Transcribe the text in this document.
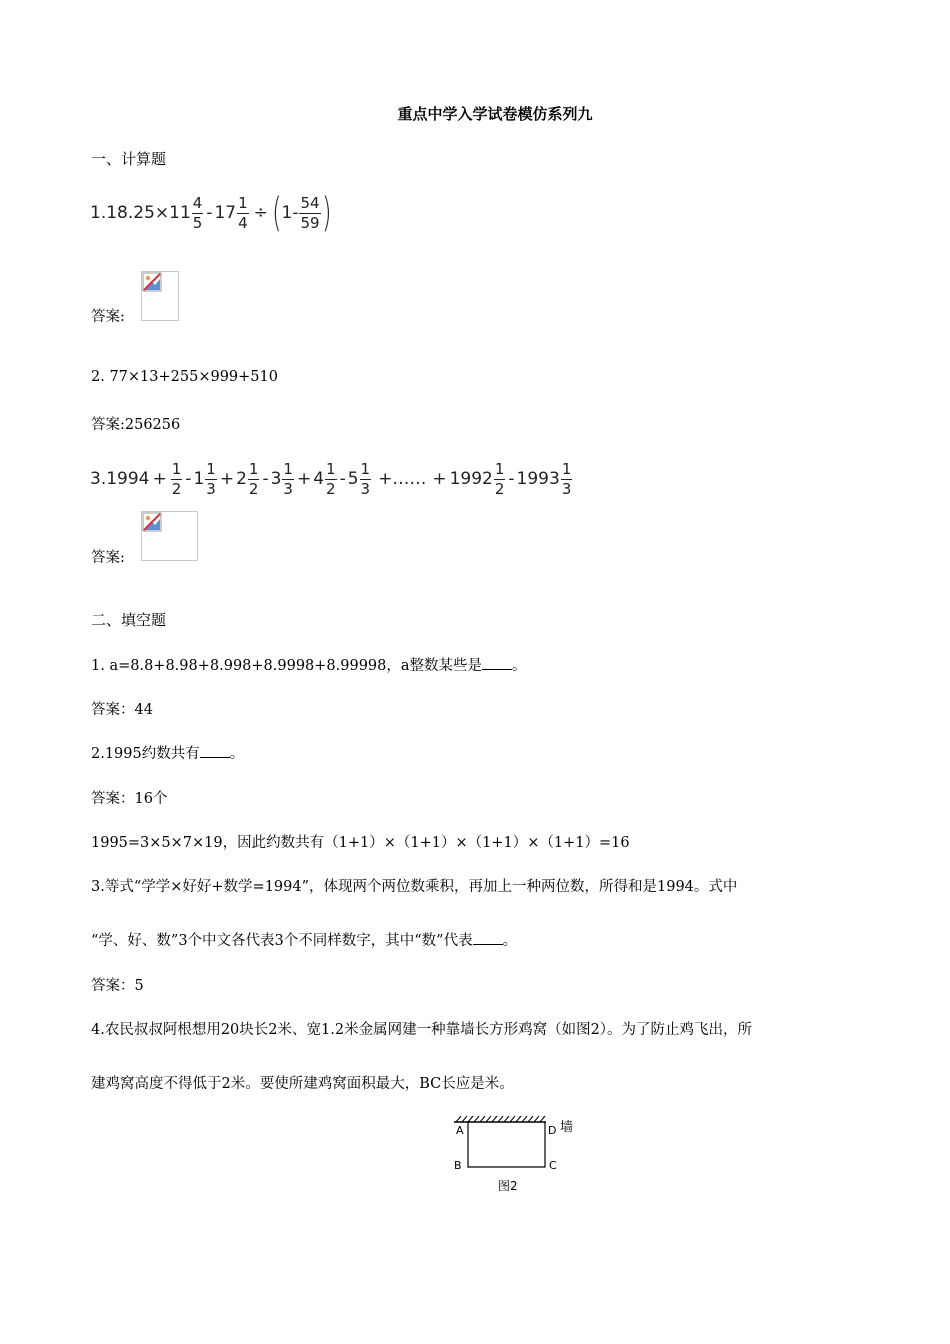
重点中学入学试卷模仿系列九
一、计算题
1. $18.25 \times 11 \frac{4}{5} - 17 \frac{1}{4}$ ÷ ( $1- \frac{54}{59}$ )
答案:
2. 77×13+255×999+510
答案:256256
3. $1994 + \frac{1}{2} - 1 \frac{1}{3} + 2 \frac{1}{2} - 3 \frac{1}{3} + 4 \frac{1}{2} - 5 \frac{1}{3}$ +…… + $1992 \frac{1}{2} - 1993 \frac{1}{3}$
答案:
二、填空题
1. a=8.8+8.98+8.998+8.9998+8.99998，a整数某些是 。
答案：44
2.1995约数共有 。
答案：16个
1995=3×5×7×19，因此约数共有（1+1）×（1+1）×（1+1）×（1+1）=16
3.等式“学学×好好+数学=1994”，体现两个两位数乘积，再加上一种两位数，所得和是1994。式中
“学、好、数”3个中文各代表3个不同样数字，其中“数”代表 。
答案：5
4.农民叔叔阿根想用20块长2米、宽1.2米金属网建一种靠墙长方形鸡窝（如图2）。为了防止鸡飞出，所
建鸡窝高度不得低于2米。要使所建鸡窝面积最大，BC长应是米。
A	D 墙
B	C
图2
